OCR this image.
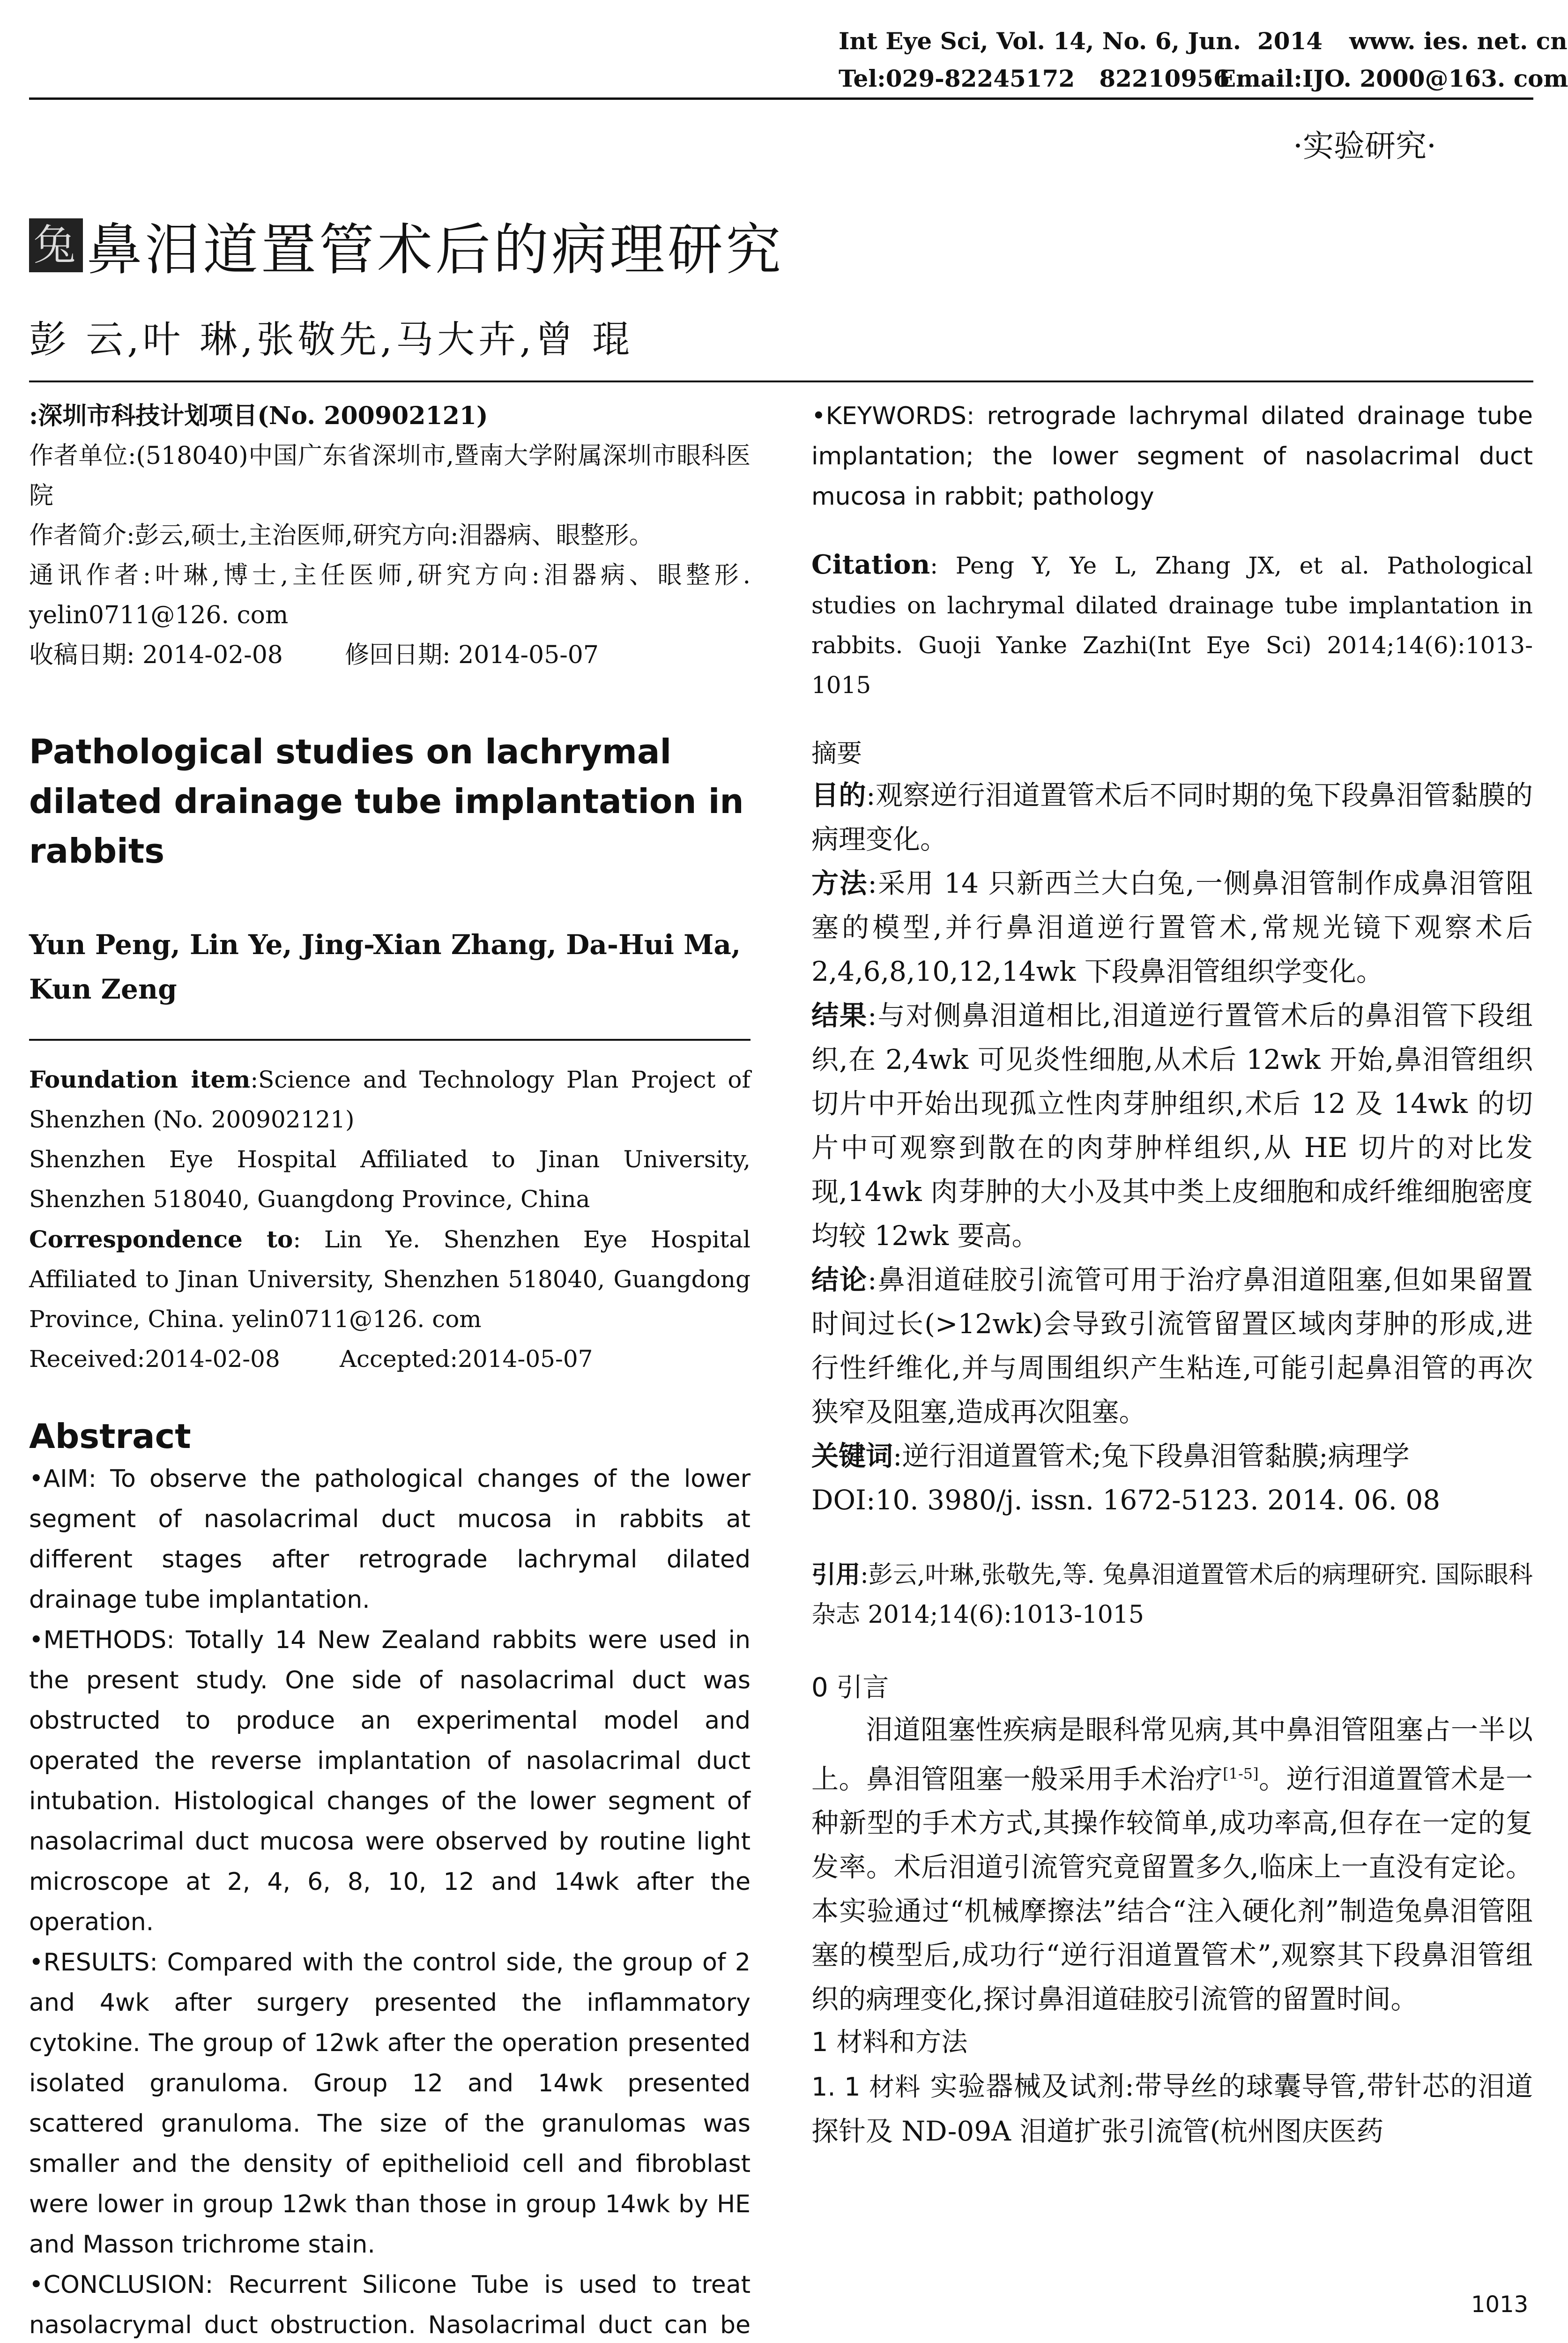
Int Eye Sci, Vol. 14, No. 6, Jun.  2014 www. ies. net. cn
Tel:029-82245172   82210956
Email:IJO. 2000@163. com
·实验研究·
兔 鼻泪道置管术后的病理研究
彭 云,叶 琳,张敬先,马大卉,曾 琨

:深圳市科技计划项目(No. 200902121)

作者单位:(518040)中国广东省深圳市,暨南大学附属深圳市眼科医院

作者简介:彭云,硕士,主治医师,研究方向:泪器病、眼整形。

通讯作者:叶琳,博士,主任医师,研究方向:泪器病、眼整形. yelin0711@126. com

收稿日期: 2014-02-08        修回日期: 2014-05-07

Pathological studies on lachrymal dilated drainage tube implantation in rabbits
Yun Peng, Lin Ye, Jing-Xian Zhang, Da-Hui Ma, Kun Zeng

Foundation item:Science and Technology Plan Project of Shenzhen (No. 200902121)

Shenzhen Eye Hospital Affiliated to Jinan University, Shenzhen 518040, Guangdong Province, China

Correspondence to: Lin Ye. Shenzhen Eye Hospital Affiliated to Jinan University, Shenzhen 518040, Guangdong Province, China. yelin0711@126. com

Received:2014-02-08        Accepted:2014-05-07

Abstract

•AIM: To observe the pathological changes of the lower segment of nasolacrimal duct mucosa in rabbits at different stages after retrograde lachrymal dilated drainage tube implantation.

•METHODS: Totally 14 New Zealand rabbits were used in the present study. One side of nasolacrimal duct was obstructed to produce an experimental model and operated the reverse implantation of nasolacrimal duct intubation. Histological changes of the lower segment of nasolacrimal duct mucosa were observed by routine light microscope at 2, 4, 6, 8, 10, 12 and 14wk after the operation.

•RESULTS: Compared with the control side, the group of 2 and 4wk after surgery presented the inflammatory cytokine. The group of 12wk after the operation presented isolated granuloma. Group 12 and 14wk presented scattered granuloma. The size of the granulomas was smaller and the density of epithelioid cell and fibroblast were lower in group 12wk than those in group 14wk by HE and Masson trichrome stain.

•CONCLUSION: Recurrent Silicone Tube is used to treat nasolacrymal duct obstruction. Nasolacrimal duct can be

•KEYWORDS: retrograde lachrymal dilated drainage tube implantation; the lower segment of nasolacrimal duct mucosa in rabbit; pathology

Citation: Peng Y, Ye L, Zhang JX, et al. Pathological studies on lachrymal dilated drainage tube implantation in rabbits. Guoji Yanke Zazhi(Int Eye Sci) 2014;14(6):1013-1015
摘要

目的:观察逆行泪道置管术后不同时期的兔下段鼻泪管黏膜的病理变化。

方法:采用 14 只新西兰大白兔,一侧鼻泪管制作成鼻泪管阻塞的模型,并行鼻泪道逆行置管术,常规光镜下观察术后 2,4,6,8,10,12,14wk 下段鼻泪管组织学变化。

结果:与对侧鼻泪道相比,泪道逆行置管术后的鼻泪管下段组织,在 2,4wk 可见炎性细胞,从术后 12wk 开始,鼻泪管组织切片中开始出现孤立性肉芽肿组织,术后 12 及 14wk 的切片中可观察到散在的肉芽肿样组织,从 HE 切片的对比发现,14wk 肉芽肿的大小及其中类上皮细胞和成纤维细胞密度均较 12wk 要高。

结论:鼻泪道硅胶引流管可用于治疗鼻泪道阻塞,但如果留置时间过长(>12wk)会导致引流管留置区域肉芽肿的形成,进行性纤维化,并与周围组织产生粘连,可能引起鼻泪管的再次狭窄及阻塞,造成再次阻塞。

关键词:逆行泪道置管术;兔下段鼻泪管黏膜;病理学

DOI:10. 3980/j. issn. 1672-5123. 2014. 06. 08

引用:彭云,叶琳,张敬先,等. 兔鼻泪道置管术后的病理研究. 国际眼科杂志 2014;14(6):1013-1015
0 引言
泪道阻塞性疾病是眼科常见病,其中鼻泪管阻塞占一半以上。鼻泪管阻塞一般采用手术治疗[1-5]。逆行泪道置管术是一种新型的手术方式,其操作较简单,成功率高,但存在一定的复发率。术后泪道引流管究竟留置多久,临床上一直没有定论。本实验通过“机械摩擦法”结合“注入硬化剂”制造兔鼻泪管阻塞的模型后,成功行“逆行泪道置管术”,观察其下段鼻泪管组织的病理变化,探讨鼻泪道硅胶引流管的留置时间。
1 材料和方法
1. 1 材料 实验器械及试剂:带导丝的球囊导管,带针芯的泪道探针及 ND-09A 泪道扩张引流管(杭州图庆医药
1013
